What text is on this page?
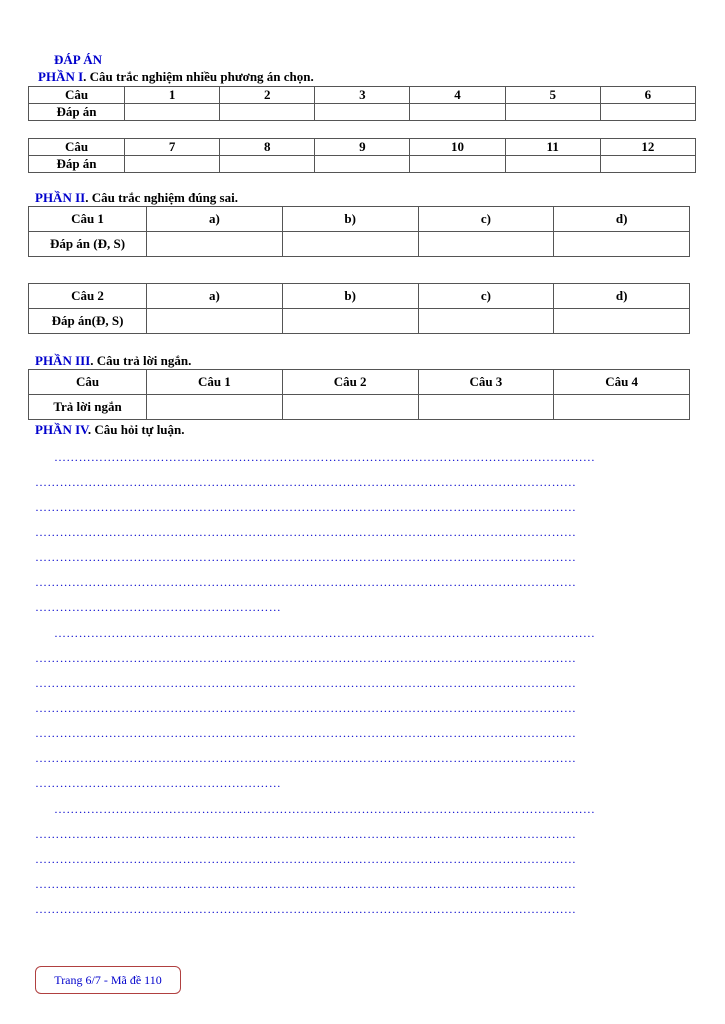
ĐÁP ÁN
PHẦN I. Câu trắc nghiệm nhiều phương án chọn.
Câu	1	2	3	4	5	6
Đáp án						
Câu	7	8	9	10	11	12
Đáp án						
PHẦN II. Câu trắc nghiệm đúng sai.
Câu 1	a)	b)	c)	d)
Đáp án (Đ, S)				
Câu 2	a)	b)	c)	d)
Đáp án(Đ, S)				
PHẦN III. Câu trả lời ngắn.
Câu	Câu 1	Câu 2	Câu 3	Câu 4
Trả lời ngắn				
PHẦN IV. Câu hỏi tự luận.
……………………………………………………………………………………………………………………
……………………………………………………………………………………………………………………
……………………………………………………………………………………………………………………
……………………………………………………………………………………………………………………
……………………………………………………………………………………………………………………
……………………………………………………………………………………………………………………
……………………………………………………
……………………………………………………………………………………………………………………
……………………………………………………………………………………………………………………
……………………………………………………………………………………………………………………
……………………………………………………………………………………………………………………
……………………………………………………………………………………………………………………
……………………………………………………………………………………………………………………
……………………………………………………
……………………………………………………………………………………………………………………
……………………………………………………………………………………………………………………
……………………………………………………………………………………………………………………
……………………………………………………………………………………………………………………
……………………………………………………………………………………………………………………
Trang 6/7 - Mã đề 110
